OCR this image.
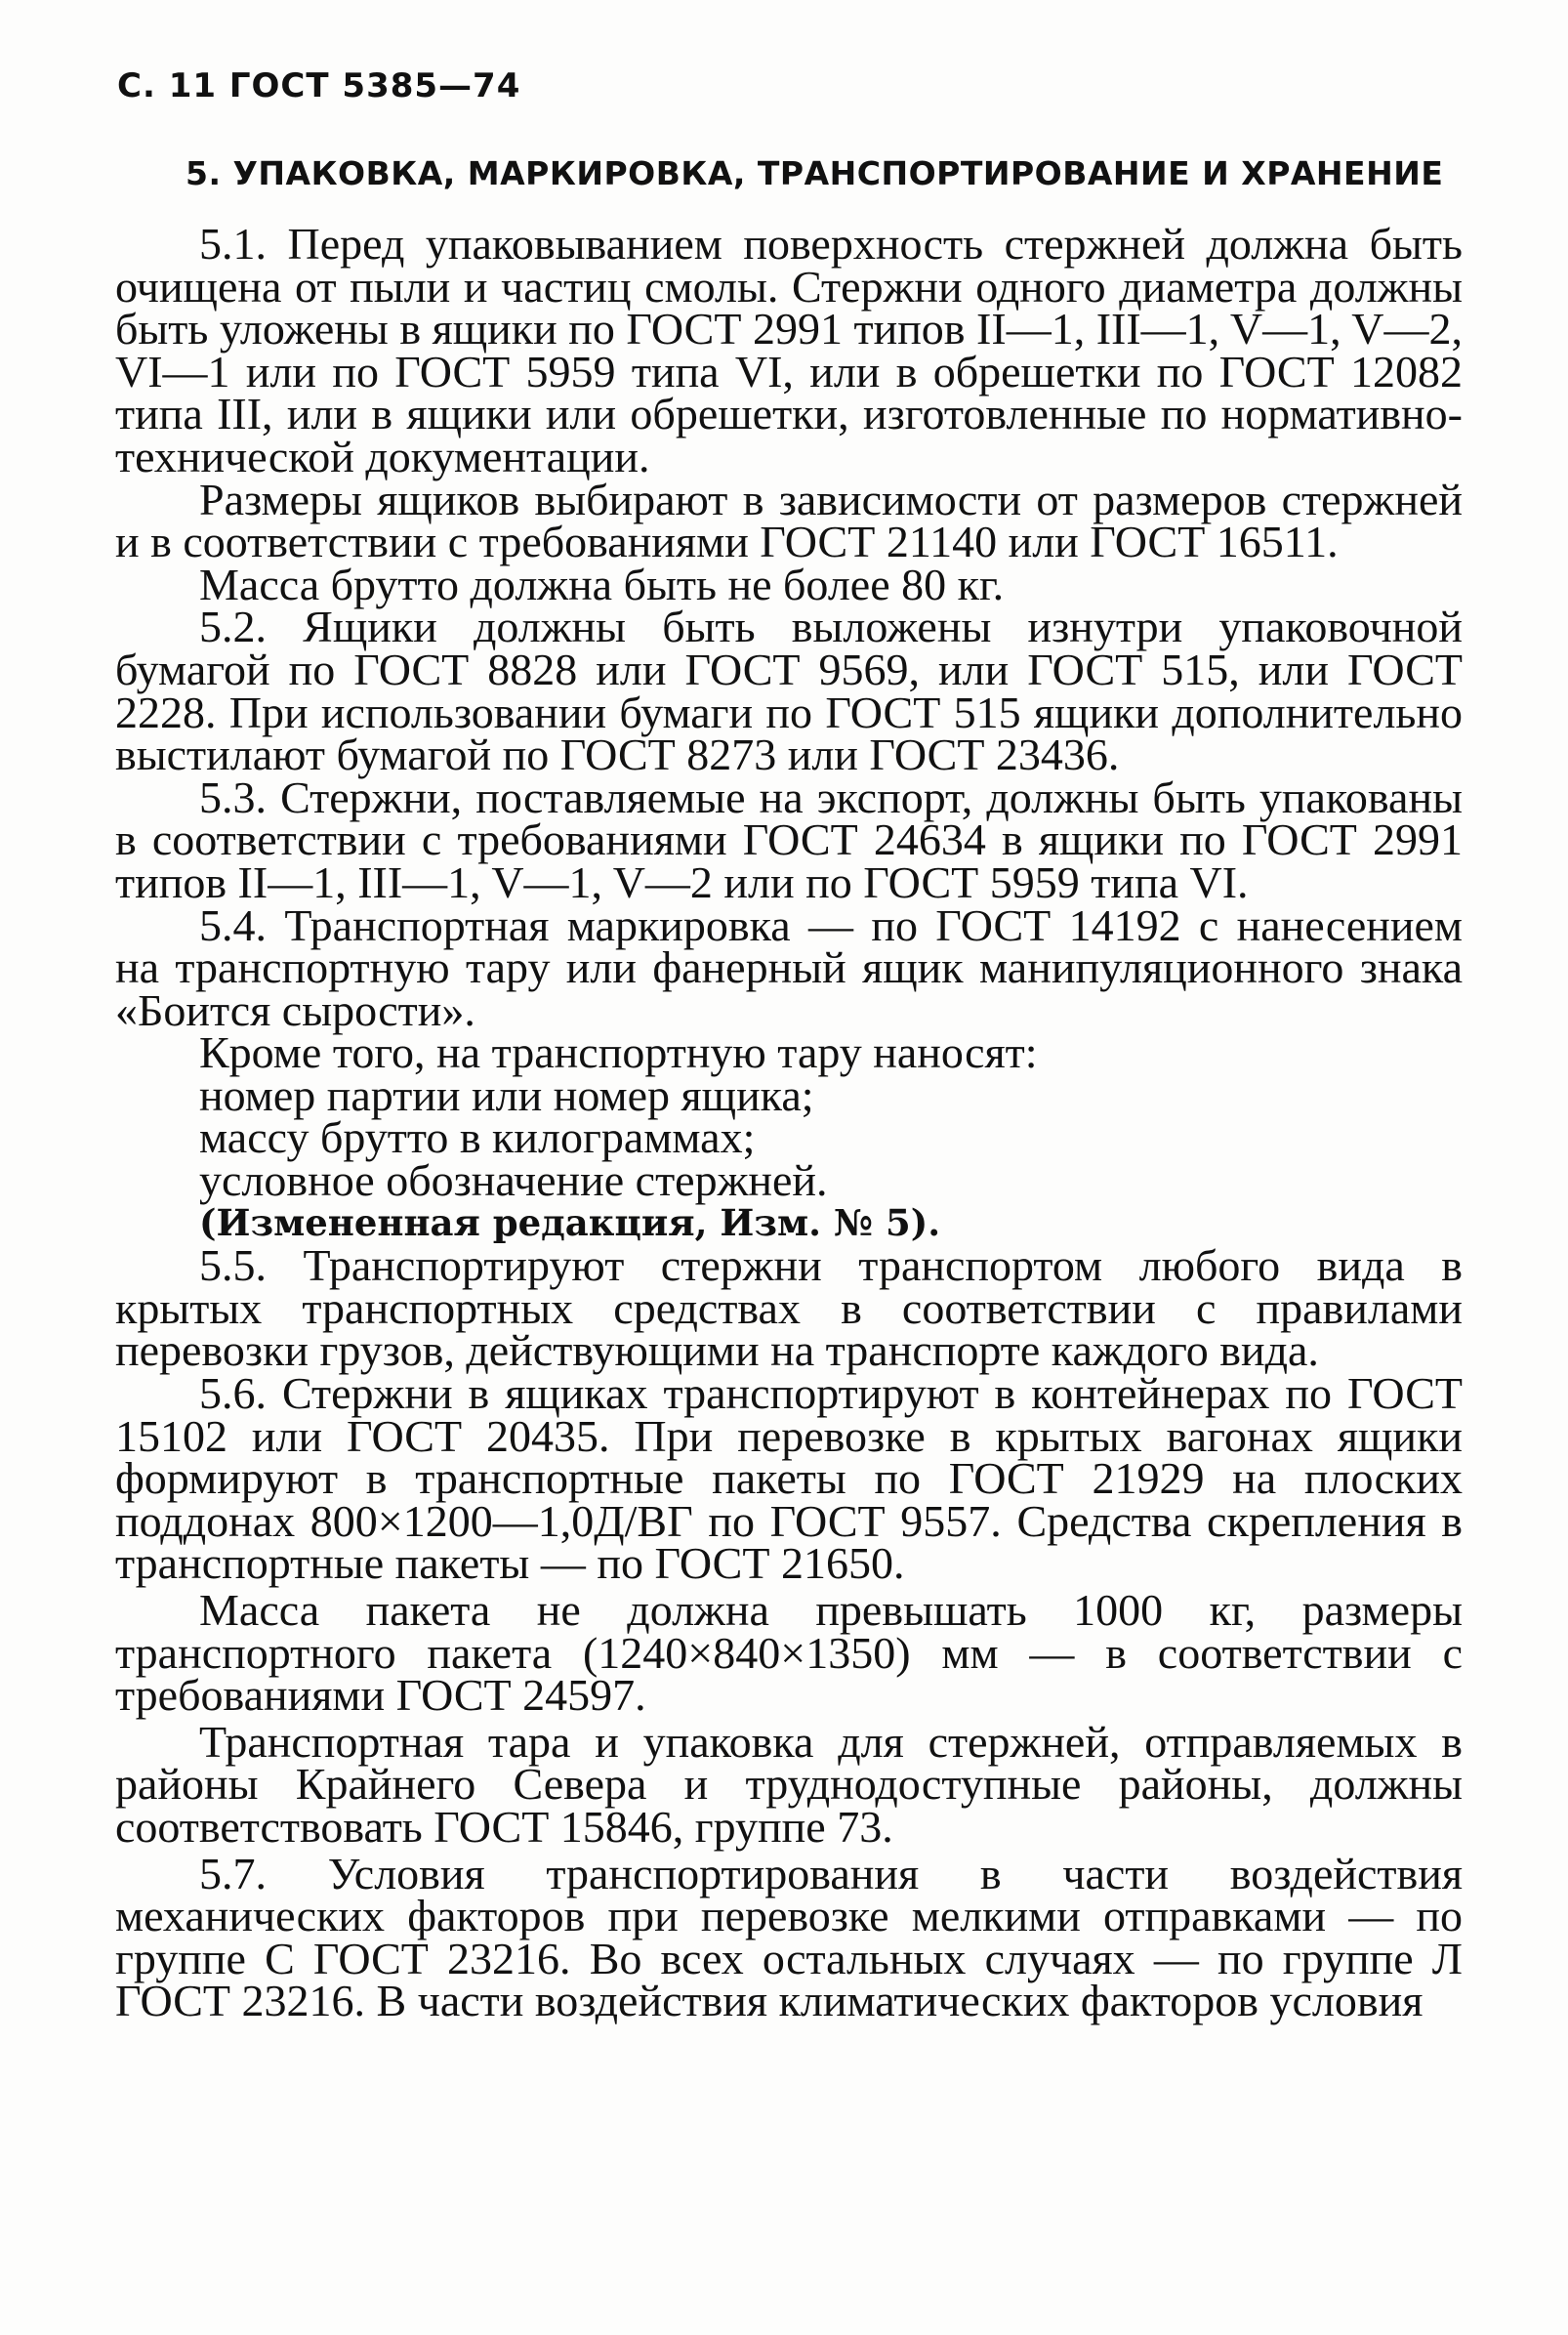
С. 11 ГОСТ 5385—74
5. УПАКОВКА, МАРКИРОВКА, ТРАНСПОРТИРОВАНИЕ И ХРАНЕНИЕ

5.1. Перед упаковыванием поверхность стержней должна быть очищена от пыли и частиц смолы. Стержни одного диаметра должны быть уложены в ящики по ГОСТ 2991 типов II—1, III—1, V—1, V—2, VI—1 или по ГОСТ 5959 типа VI, или в обрешетки по ГОСТ 12082 типа III, или в ящики или обрешетки, изготовленные по нормативно-технической документации.

Размеры ящиков выбирают в зависимости от размеров стержней и в соответствии с требованиями ГОСТ 21140 или ГОСТ 16511.

Масса брутто должна быть не более 80 кг.

5.2. Ящики должны быть выложены изнутри упаковочной бумагой по ГОСТ 8828 или ГОСТ 9569, или ГОСТ 515, или ГОСТ 2228. При использовании бумаги по ГОСТ 515 ящики дополнительно выстилают бумагой по ГОСТ 8273 или ГОСТ 23436.

5.3. Стержни, поставляемые на экспорт, должны быть упакованы в соответствии с требованиями ГОСТ 24634 в ящики по ГОСТ 2991 типов II—1, III—1, V—1, V—2 или по ГОСТ 5959 типа VI.

5.4. Транспортная маркировка — по ГОСТ 14192 с нанесением на транспортную тару или фанерный ящик манипуляционного знака «Боится сырости».

Кроме того, на транспортную тару наносят:

номер партии или номер ящика;

массу брутто в килограммах;

условное обозначение стержней.

(Измененная редакция, Изм. № 5).

5.5. Транспортируют стержни транспортом любого вида в крытых транспортных средствах в соответствии с правилами перевозки грузов, действующими на транспорте каждого вида.

5.6. Стержни в ящиках транспортируют в контейнерах по ГОСТ 15102 или ГОСТ 20435. При перевозке в крытых вагонах ящики формируют в транспортные пакеты по ГОСТ 21929 на плоских поддонах 800×1200—1,0Д/ВГ по ГОСТ 9557. Средства скрепления в транспортные пакеты — по ГОСТ 21650.

Масса пакета не должна превышать 1000 кг, размеры транспортного пакета (1240×840×1350) мм — в соответствии с требованиями ГОСТ 24597.

Транспортная тара и упаковка для стержней, отправляемых в районы Крайнего Севера и труднодоступные районы, должны соответствовать ГОСТ 15846, группе 73.

5.7. Условия транспортирования в части воздействия механических факторов при перевозке мелкими отправками — по группе С ГОСТ 23216. Во всех остальных случаях — по группе Л ГОСТ 23216. В части воздействия климатических факторов условия
